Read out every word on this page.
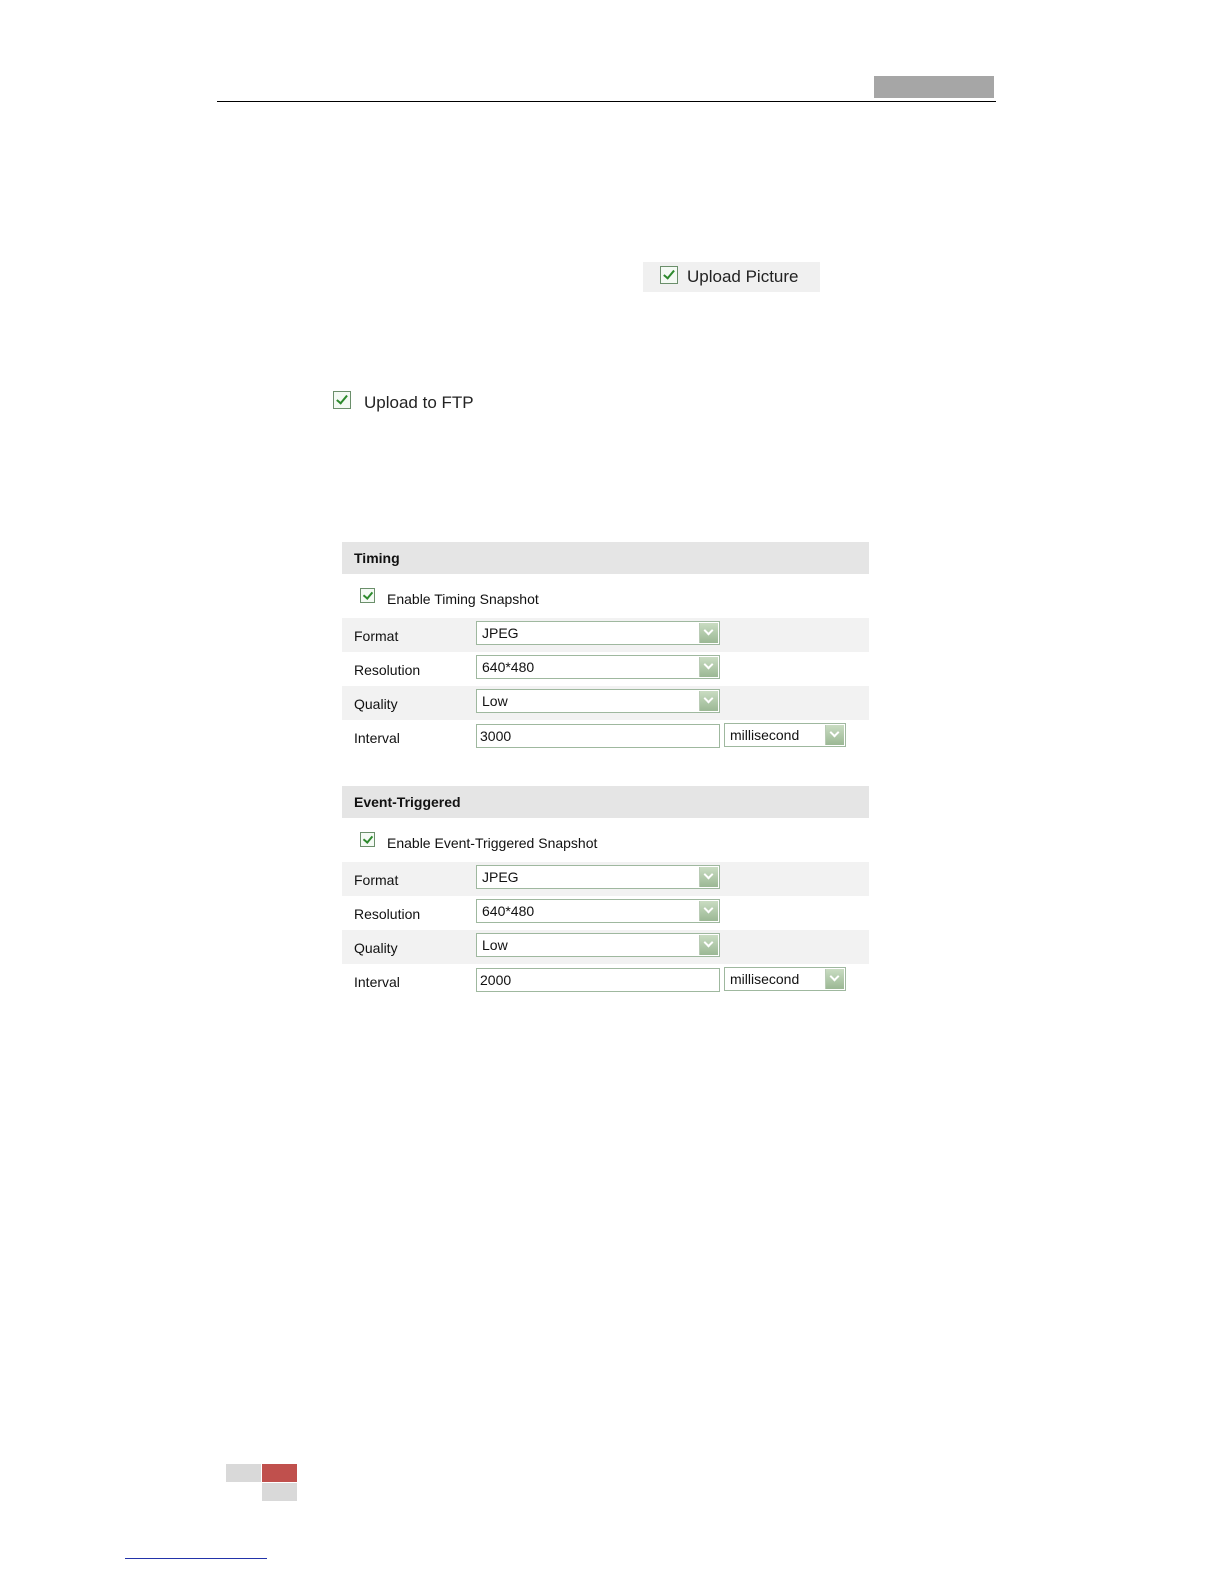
Upload Picture
Upload to FTP
Timing
Enable Timing Snapshot
Format	JPEG
Resolution	640*480
Quality	Low
Interval	3000	millisecond
Event-Triggered
Enable Event-Triggered Snapshot
Format	JPEG
Resolution	640*480
Quality	Low
Interval	2000	millisecond
